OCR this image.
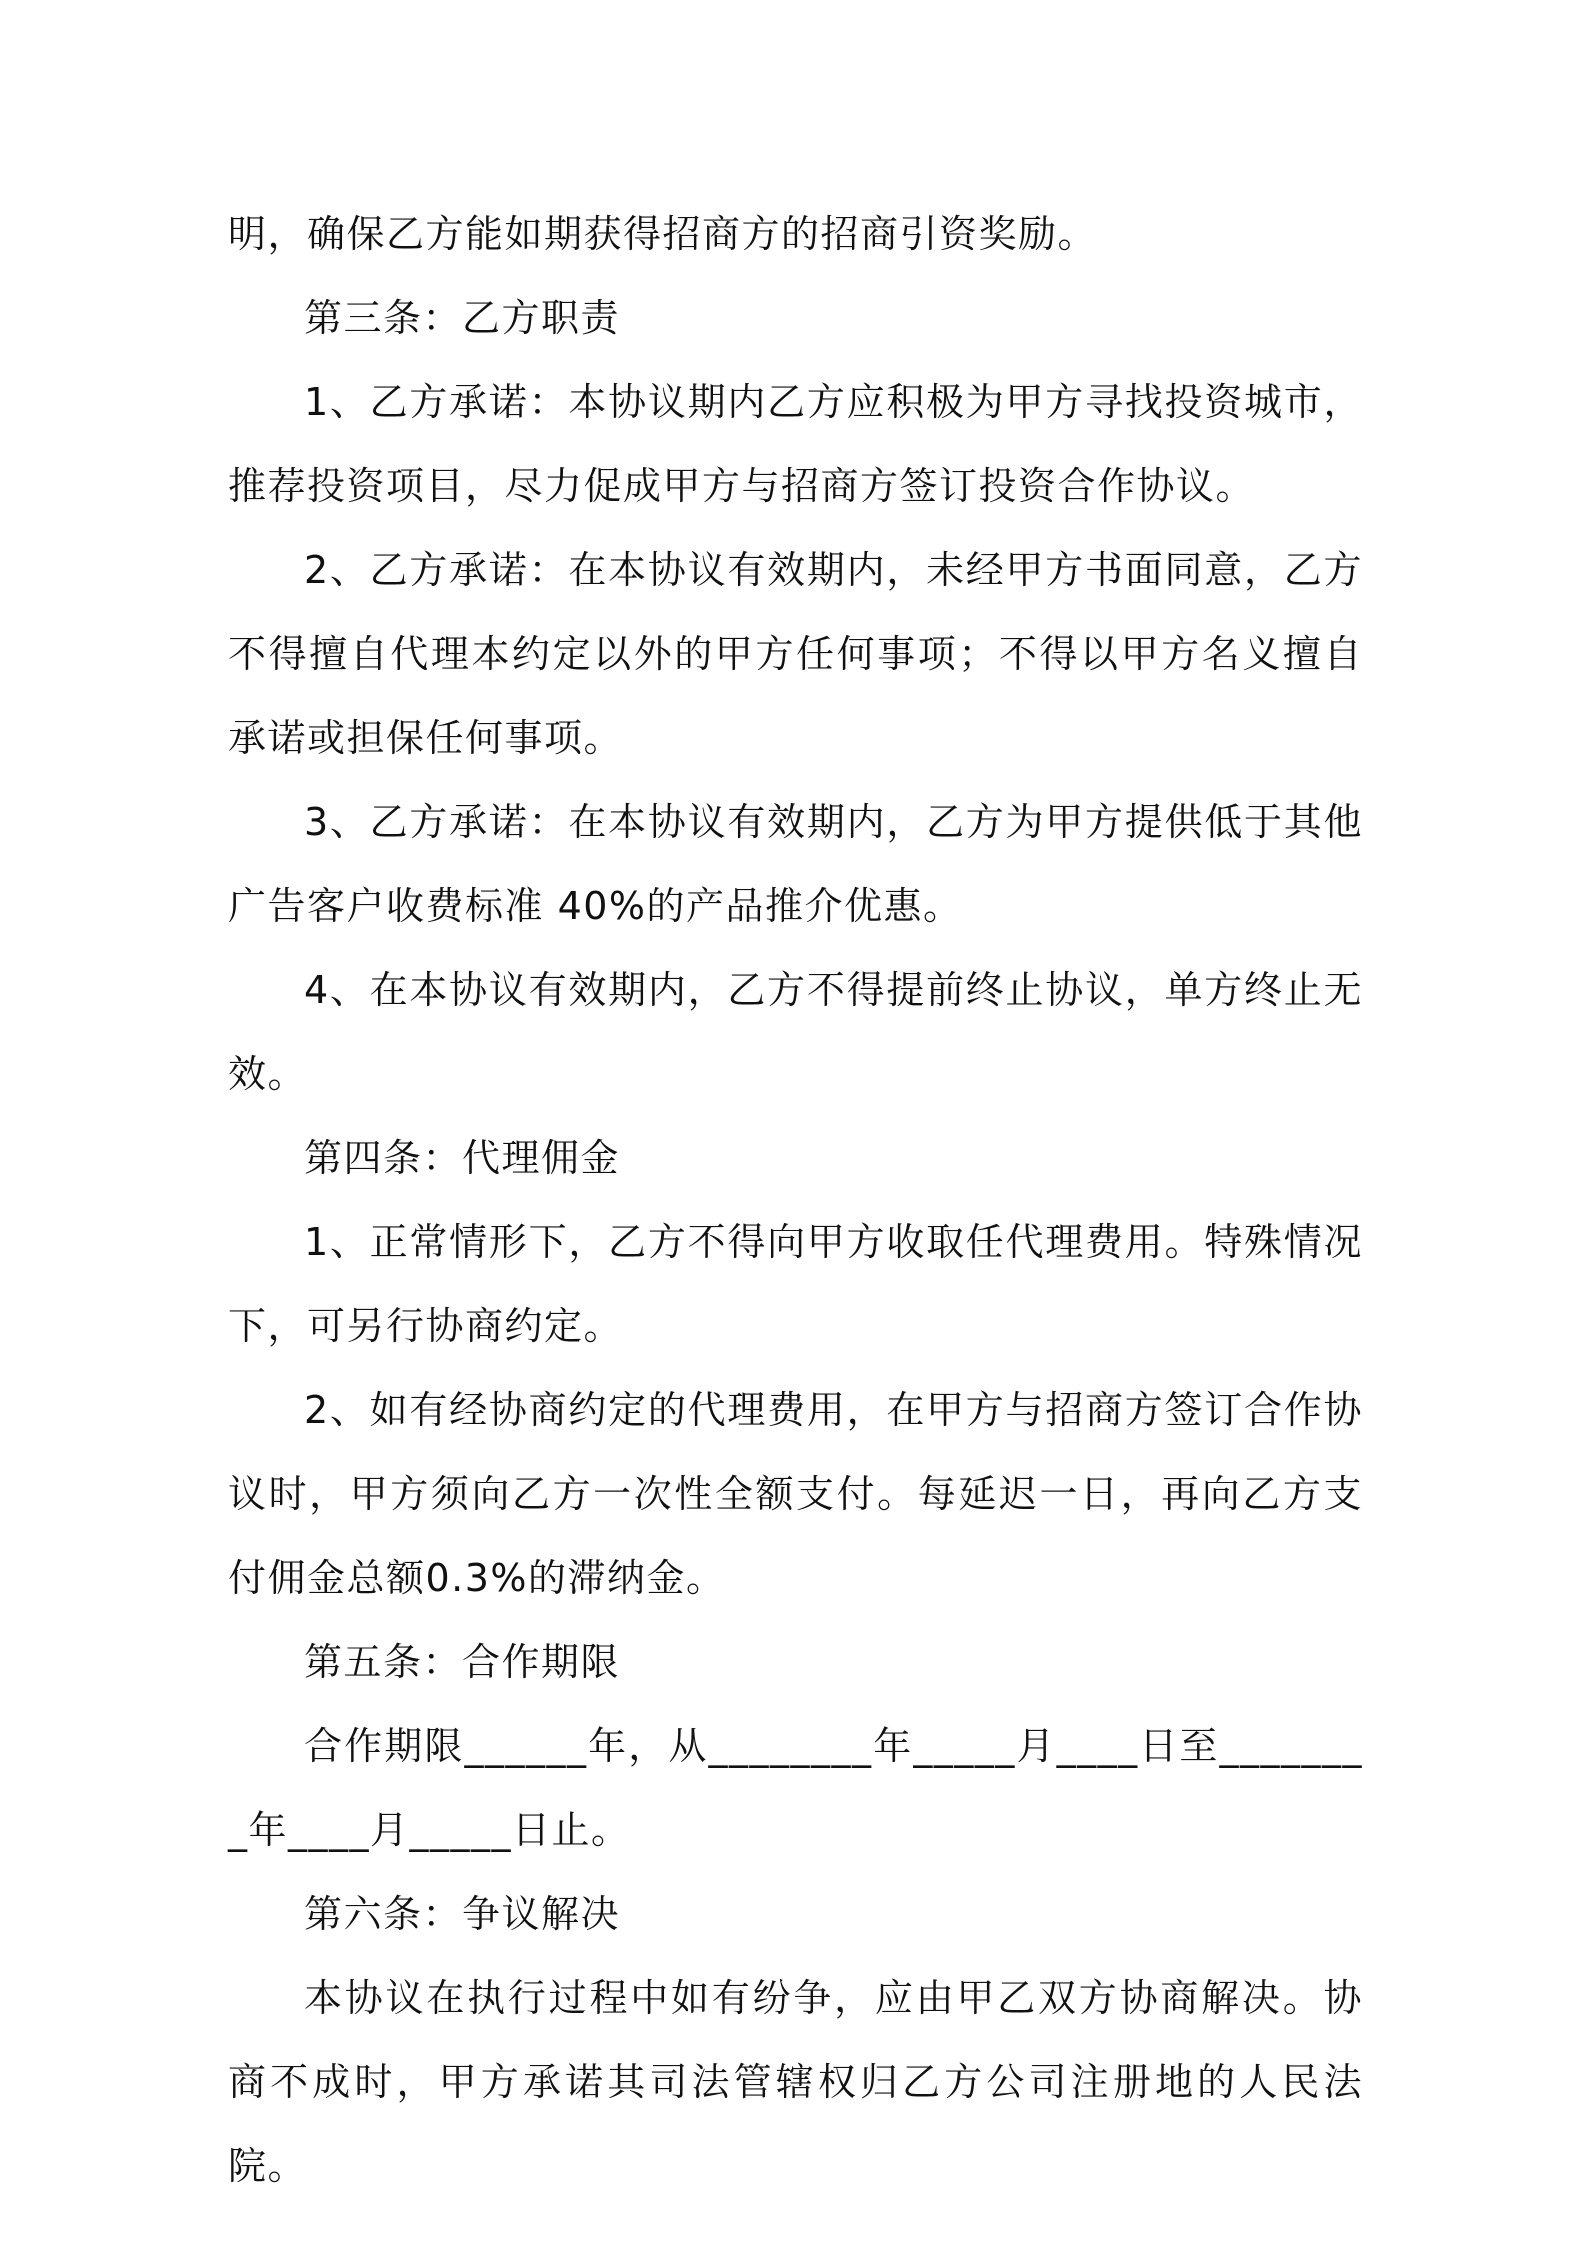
明，确保乙方能如期获得招商方的招商引资奖励。

第三条：乙方职责

1、乙方承诺：本协议期内乙方应积极为甲方寻找投资城市，推荐投资项目，尽力促成甲方与招商方签订投资合作协议。

2、乙方承诺：在本协议有效期内，未经甲方书面同意，乙方不得擅自代理本约定以外的甲方任何事项；不得以甲方名义擅自承诺或担保任何事项。

3、乙方承诺：在本协议有效期内，乙方为甲方提供低于其他广告客户收费标准 40%的产品推介优惠。

4、在本协议有效期内，乙方不得提前终止协议，单方终止无效。

第四条：代理佣金

1、正常情形下，乙方不得向甲方收取任代理费用。特殊情况下，可另行协商约定。

2、如有经协商约定的代理费用，在甲方与招商方签订合作协议时，甲方须向乙方一次性全额支付。每延迟一日，再向乙方支付佣金总额0.3%的滞纳金。

第五条：合作期限

合作期限______年，从________年_____月____日至________年____月_____日止。

第六条：争议解决

本协议在执行过程中如有纷争，应由甲乙双方协商解决。协商不成时，甲方承诺其司法管辖权归乙方公司注册地的人民法院。
